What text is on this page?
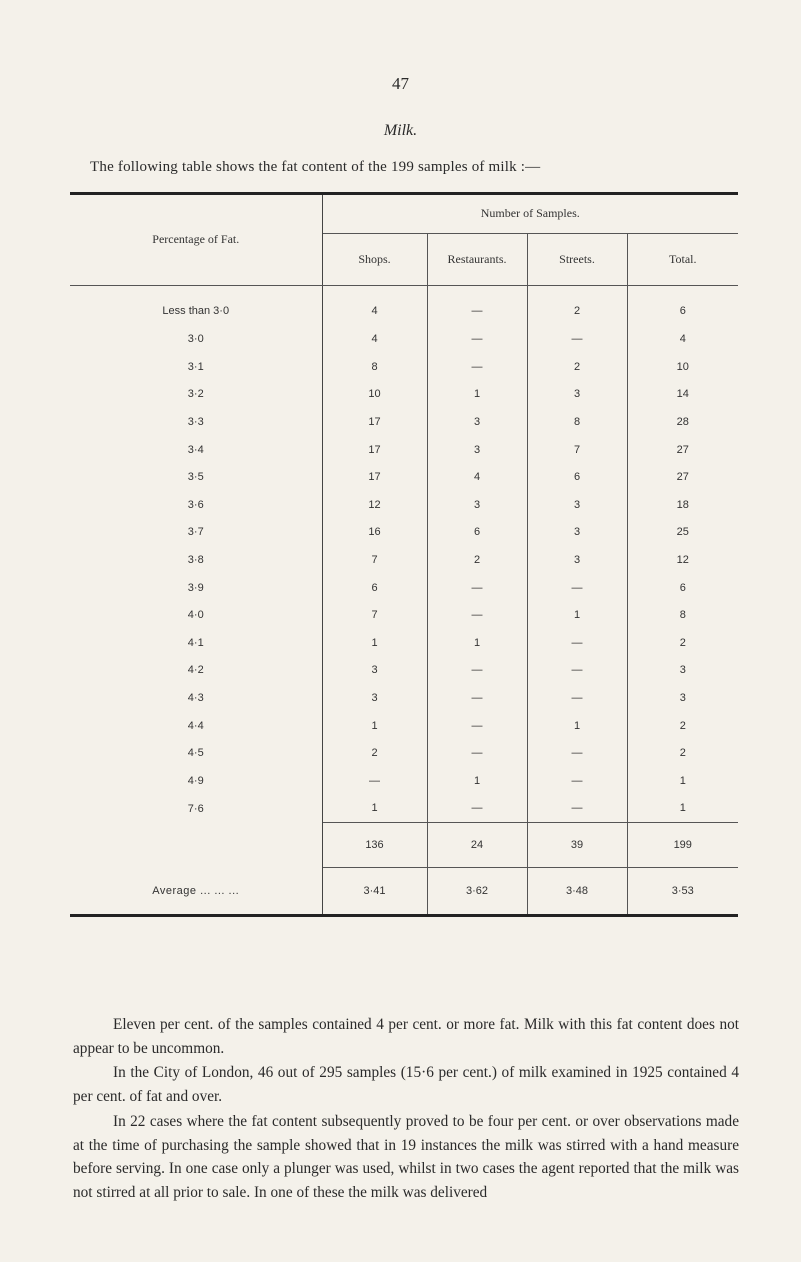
47
Milk.
The following table shows the fat content of the 199 samples of milk :—
Percentage of Fat.	Number of Samples.			
	Shops.	Restaurants.	Streets.	Total.
Less than 3·0	4	—	2	6
3·0	4	—	—	4
3·1	8	—	2	10
3·2	10	1	3	14
3·3	17	3	8	28
3·4	17	3	7	27
3·5	17	4	6	27
3·6	12	3	3	18
3·7	16	6	3	25
3·8	7	2	3	12
3·9	6	—	—	6
4·0	7	—	1	8
4·1	1	1	—	2
4·2	3	—	—	3
4·3	3	—	—	3
4·4	1	—	1	2
4·5	2	—	—	2
4·9	—	1	—	1
7·6	1	—	—	1
	136	24	39	199
Average ... ... ...	3·41	3·62	3·48	3·53

Eleven per cent. of the samples contained 4 per cent. or more fat. Milk with this fat content does not appear to be uncommon.

In the City of London, 46 out of 295 samples (15·6 per cent.) of milk examined in 1925 contained 4 per cent. of fat and over.

In 22 cases where the fat content subsequently proved to be four per cent. or over observations made at the time of purchasing the sample showed that in 19 instances the milk was stirred with a hand measure before serving. In one case only a plunger was used, whilst in two cases the agent reported that the milk was not stirred at all prior to sale. In one of these the milk was delivered
